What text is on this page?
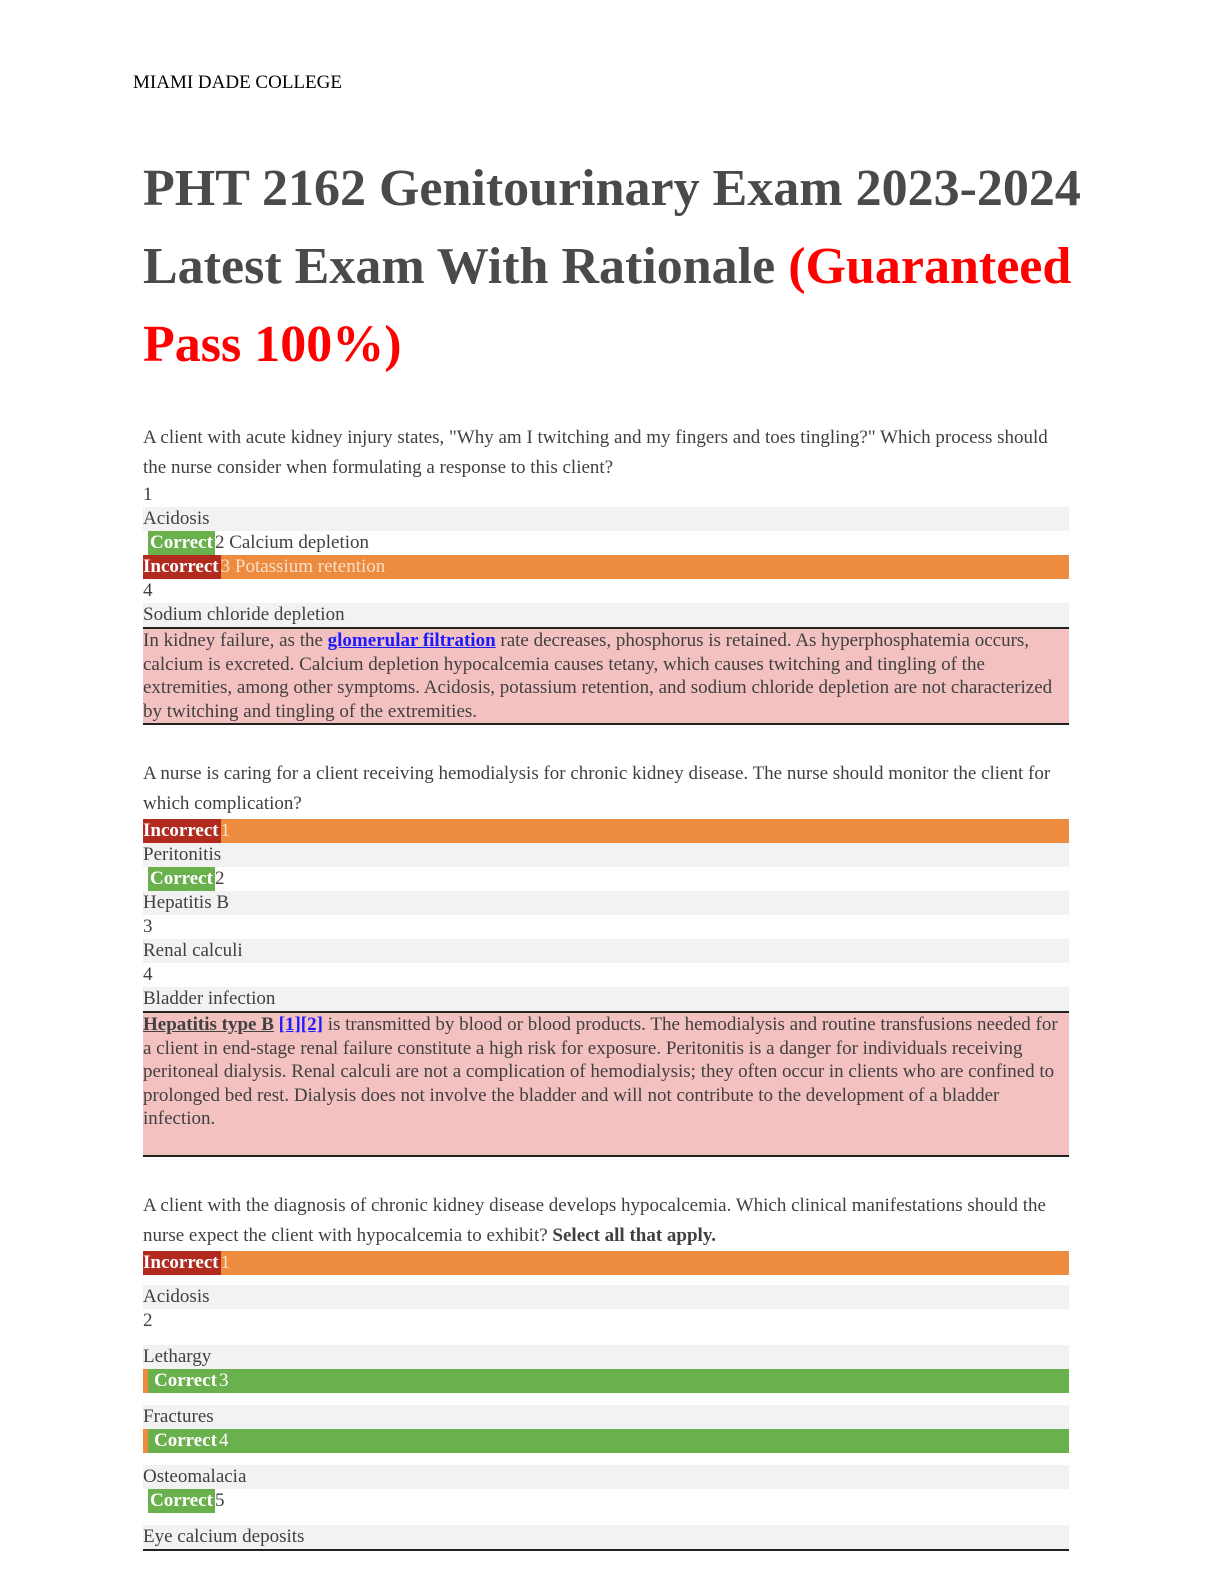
MIAMI DADE COLLEGE
PHT 2162 Genitourinary Exam 2023-2024 Latest Exam With Rationale (Guaranteed Pass 100%)
A client with acute kidney injury states, "Why am I twitching and my fingers and toes tingling?" Which process should the nurse consider when formulating a response to this client?
1
Acidosis
Correct 2 Calcium depletion
Incorrect 3 Potassium retention
4
Sodium chloride depletion
In kidney failure, as the glomerular filtration rate decreases, phosphorus is retained. As hyperphosphatemia occurs, calcium is excreted. Calcium depletion hypocalcemia causes tetany, which causes twitching and tingling of the extremities, among other symptoms. Acidosis, potassium retention, and sodium chloride depletion are not characterized by twitching and tingling of the extremities.
A nurse is caring for a client receiving hemodialysis for chronic kidney disease. The nurse should monitor the client for which complication?
Incorrect 1
Peritonitis
Correct 2
Hepatitis B
3
Renal calculi
4
Bladder infection
Hepatitis type B [1][2] is transmitted by blood or blood products. The hemodialysis and routine transfusions needed for a client in end-stage renal failure constitute a high risk for exposure. Peritonitis is a danger for individuals receiving peritoneal dialysis. Renal calculi are not a complication of hemodialysis; they often occur in clients who are confined to prolonged bed rest. Dialysis does not involve the bladder and will not contribute to the development of a bladder infection.
A client with the diagnosis of chronic kidney disease develops hypocalcemia. Which clinical manifestations should the nurse expect the client with hypocalcemia to exhibit? Select all that apply.
Incorrect 1
Acidosis
2
Lethargy
Correct 3
Fractures
Correct 4
Osteomalacia
Correct 5
Eye calcium deposits
